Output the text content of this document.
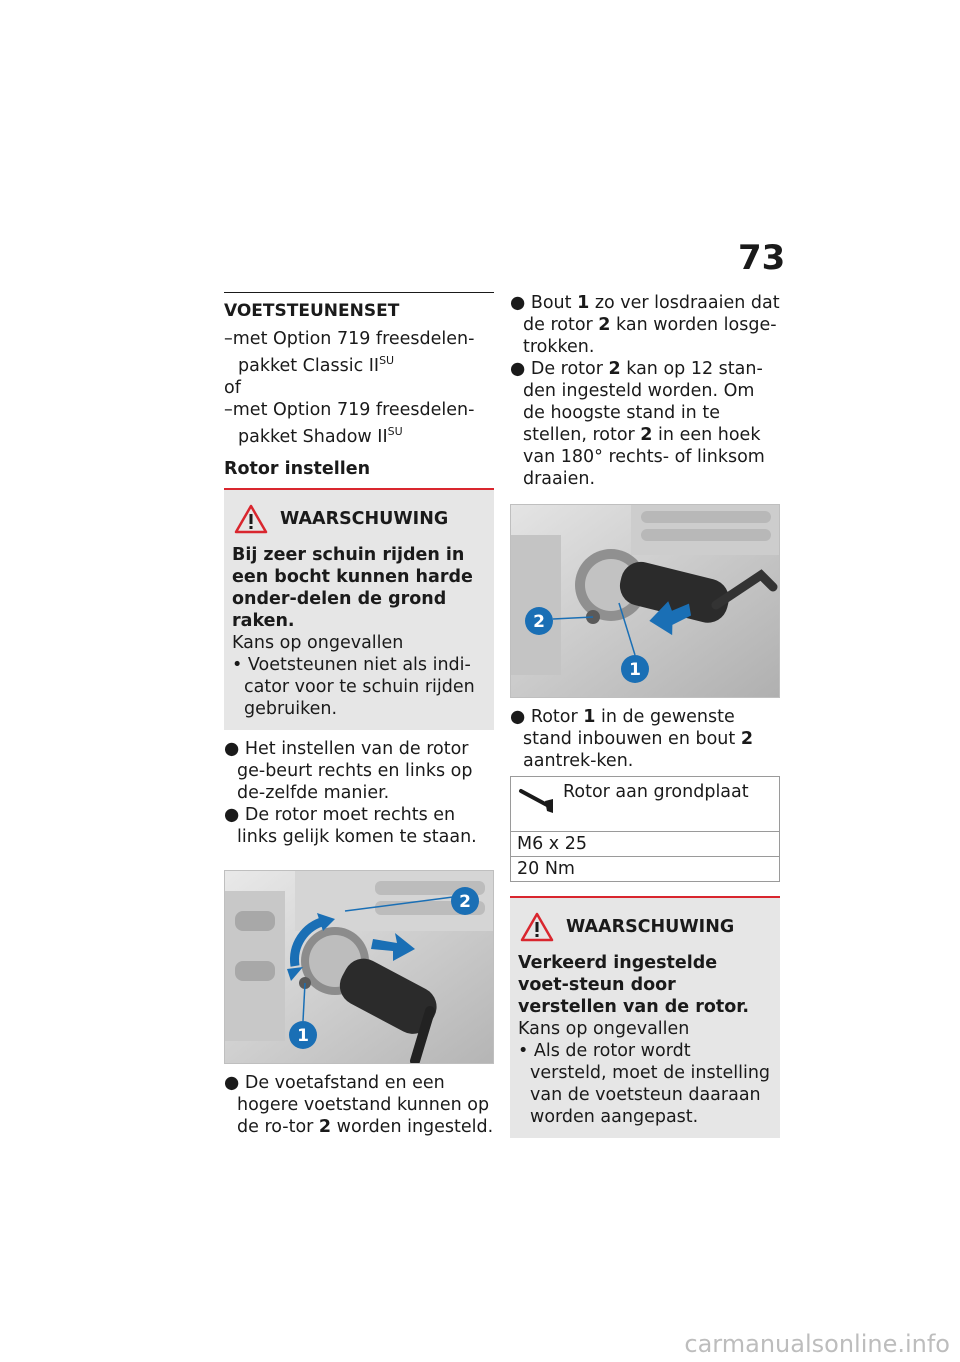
73
VOETSTEUNENSET
–met Option 719 freesdelen-pakket Classic $II^{SU}$
of
–met Option 719 freesdelen-pakket Shadow $II^{SU}$
Rotor instellen
WAARSCHUWING
Bij zeer schuin rijden in een bocht kunnen harde onder-delen de grond raken.
Kans op ongevallen
• Voetsteunen niet als indi-cator voor te schuin rijden gebruiken.
● Het instellen van de rotor ge-beurt rechts en links op de-zelfde manier.
● De rotor moet rechts en links gelijk komen te staan.
2
1
● De voetafstand en een hogere voetstand kunnen op de ro-tor 2 worden ingesteld.
● Bout 1 zo ver losdraaien dat de rotor 2 kan worden losge-trokken.
● De rotor 2 kan op 12 stan-den ingesteld worden. Om de hoogste stand in te stellen, rotor 2 in een hoek van 180° rechts- of linksom draaien.
2
1
● Rotor 1 in de gewenste stand inbouwen en bout 2 aantrek-ken.
Rotor aan grondplaat
M6 x 25
20 Nm
WAARSCHUWING
Verkeerd ingestelde voet-steun door verstellen van de rotor.
Kans op ongevallen
• Als de rotor wordt versteld, moet de instelling van de voetsteun daaraan worden aangepast.
carmanualsonline.info
